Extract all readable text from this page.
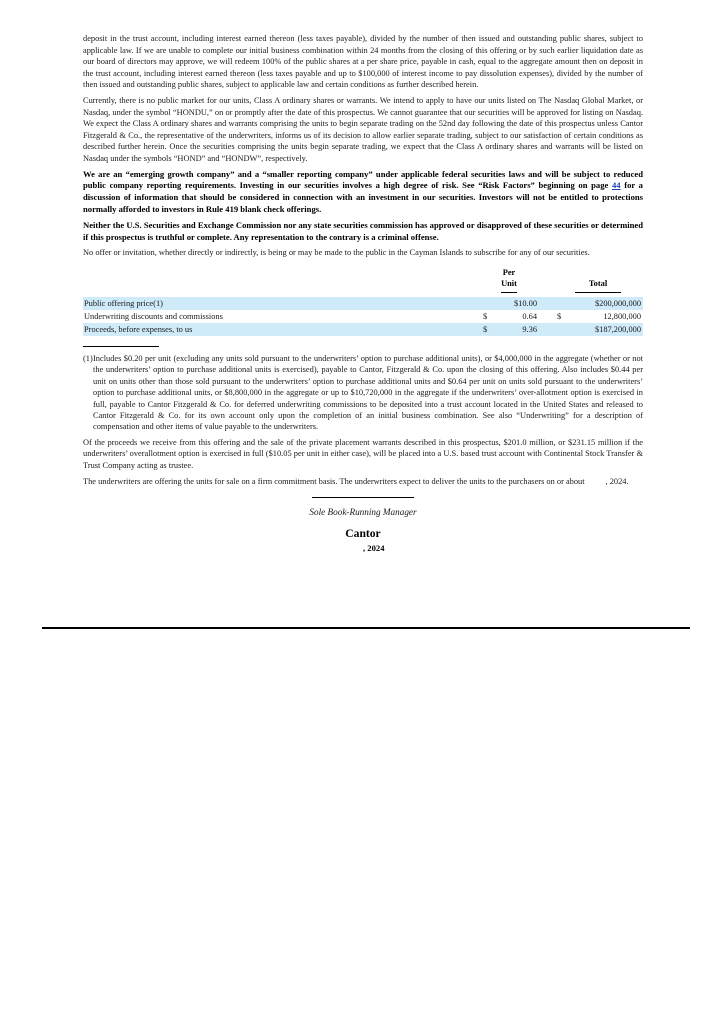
deposit in the trust account, including interest earned thereon (less taxes payable), divided by the number of then issued and outstanding public shares, subject to applicable law. If we are unable to complete our initial business combination within 24 months from the closing of this offering or by such earlier liquidation date as our board of directors may approve, we will redeem 100% of the public shares at a per share price, payable in cash, equal to the aggregate amount then on deposit in the trust account, including interest earned thereon (less taxes payable and up to $100,000 of interest income to pay dissolution expenses), divided by the number of then issued and outstanding public shares, subject to applicable law and certain conditions as further described herein.

Currently, there is no public market for our units, Class A ordinary shares or warrants. We intend to apply to have our units listed on The Nasdaq Global Market, or Nasdaq, under the symbol “HONDU,” on or promptly after the date of this prospectus. We cannot guarantee that our securities will be approved for listing on Nasdaq. We expect the Class A ordinary shares and warrants comprising the units to begin separate trading on the 52nd day following the date of this prospectus unless Cantor Fitzgerald & Co., the representative of the underwriters, informs us of its decision to allow earlier separate trading, subject to our satisfaction of certain conditions as described further herein. Once the securities comprising the units begin separate trading, we expect that the Class A ordinary shares and warrants will be listed on Nasdaq under the symbols “HOND” and “HONDW”, respectively.

We are an “emerging growth company” and a “smaller reporting company” under applicable federal securities laws and will be subject to reduced public company reporting requirements. Investing in our securities involves a high degree of risk. See “Risk Factors” beginning on page 44 for a discussion of information that should be considered in connection with an investment in our securities. Investors will not be entitled to protections normally afforded to investors in Rule 419 blank check offerings.

Neither the U.S. Securities and Exchange Commission nor any state securities commission has approved or disapproved of these securities or determined if this prospectus is truthful or complete. Any representation to the contrary is a criminal offense.

No offer or invitation, whether directly or indirectly, is being or may be made to the public in the Cayman Islands to subscribe for any of our securities.

	Per
Unit		Total

Public offering price(1)	$10.00		$200,000,000

Underwriting discounts and commissions	$ 0.64		$ 12,800,000

Proceeds, before expenses, to us	$ 9.36		$187,200,000
(1) Includes $0.20 per unit (excluding any units sold pursuant to the underwriters’ option to purchase additional units), or $4,000,000 in the aggregate (whether or not the underwriters’ option to purchase additional units is exercised), payable to Cantor, Fitzgerald & Co. upon the closing of this offering. Also includes $0.44 per unit on units other than those sold pursuant to the underwriters’ option to purchase additional units and $0.64 per unit on units sold pursuant to the underwriters’ option to purchase additional units, or $8,800,000 in the aggregate or up to $10,720,000 in the aggregate if the underwriters’ over-allotment option is exercised in full, payable to Cantor Fitzgerald & Co. for deferred underwriting commissions to be deposited into a trust account located in the United States and released to Cantor Fitzgerald & Co. for its own account only upon the completion of an initial business combination. See also “Underwriting” for a description of compensation and other items of value payable to the underwriters.

Of the proceeds we receive from this offering and the sale of the private placement warrants described in this prospectus, $201.0 million, or $231.15 million if the underwriters’ overallotment option is exercised in full ($10.05 per unit in either case), will be placed into a U.S. based trust account with Continental Stock Transfer & Trust Company acting as trustee.

The underwriters are offering the units for sale on a firm commitment basis. The underwriters expect to deliver the units to the purchasers on or about          , 2024.

Sole Book-Running Manager
Cantor
, 2024
